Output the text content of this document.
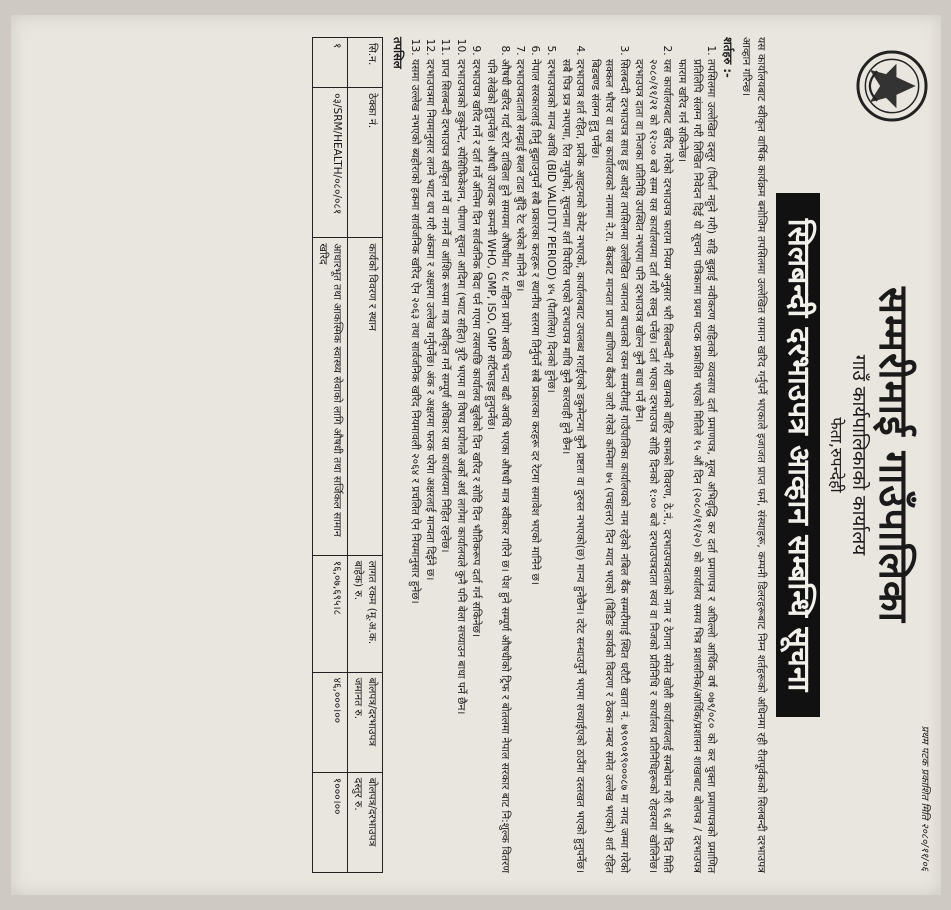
प्रथम पटक प्रकाशित मिति २०८०/११/०६
सम्मरीमाई गाउँपालिका
गाउँ कार्यपालिकाको कार्यालय
फेता,रुपन्देही
सिलबन्दी दरभाउपत्र आव्हान सम्बन्धि सूचना

यस कार्यालयबाट स्वीकृत वार्षिक कार्यक्रम बमोजिम तपसिलमा उल्लेखित सामान खरिद गर्नुपर्ने भएकाले इजाजत प्राप्त फर्म, संस्थाहरू, कम्पनी डिलरहरूबाट निम्न शर्तहरूको अधिनमा रही रीतपूर्वकको सिलबन्दी दरभाउपत्र आव्हान गरिन्छ।

शर्तहरु :-
1. तपसिलमा उल्लेखित दस्तुर (फिर्ता नहुने गरी) सहि बुझाई नवीकरण सहितको व्यवसाय दर्ता प्रमाणपत्र, मूल्य अभिवृद्धि कर दर्ता प्रमाणपत्र र अघिल्लो आर्थिक वर्ष ०७९/०८० को कर चुक्ता प्रमाणपत्रको प्रमाणित प्रतिलिपि संलग्न गरी लिखित निवेदन दिई यो सूचना पत्रिकामा प्रथम पटक प्रकाशित भएको मितिले १५ औं दिन (२०८०/११/२०) को कार्यालय समय भित्र प्रशासनिक/आर्थिक/प्रशासन शाखाबाट बोलपत्र / दरभाउपत्र फाराम खरिद गर्न सकिनेछ।
2. यस कार्यालयबाट खरिद गरेको दरभाउपत्र फाराम नियम अनुसार भरी सिलबन्दी गरी खामको बाहिर कामको विवरण, ठे.नं., दरभाउपत्रदाताको नाम र ठेगाना समेत खोली कार्यालयलाई सम्बोधन गरी १६ औं दिन मिति २०८०/११/२१ को १२:०० बजे सम्म यस कार्यालयमा दर्ता गरी सक्नु पर्नेछ। दर्ता भएका दरभाउपत्र सोहि दिनको १:०० बजे दरभाउपत्रदाता स्वयं वा निजको प्रतिनिधि र कार्यालय प्रतिनिधिहरूको रोहवरमा खोलिनेछ। दरभाउपत्र दाता वा निजका प्रतिनिधि उपस्थित नभएमा पनि दरभाउपत्र खोल्न कुनै बाधा पर्ने छैन।
3. सिलबन्दी दरभाउपत्र साथ हुड आदेश तपसिलमा उल्लेखित जमानत बापतको रकम सम्मरीमाई गाउँपालिका कार्यालयको नाम रहेको नबिल बैंक सम्मरीमाई स्थित धरौटी खाता नं. ७९०९०१९०००८७ मा नगद जम्मा गरेको सक्कल भौचर वा यस कार्यालयको नाममा ने.रा. बैंकबाट मान्यता प्राप्त बाणिज्य बैंकले जारी गरेको कम्तिमा ७५ (पचहत्तर) दिन म्याद भएको (बिडिङ कार्यको विवरण र ठेक्का नम्बर समेत उल्लेख भएको) शर्त रहित बिडबण्ड संलग्न हुनु पर्नेछ।
4. दरभाउपत्र शर्त रहित, प्रत्येक आइटमको केमेट नभएको, कार्यालयबाट उपलब्ध गराईएको डकुमेन्टमा कुनै प्रष्टता वा दुरुस्त नभएको(छ) मान्य हुनेछैन। दरेट सन्धाउपुर्ने भएमा सच्याईएको ठाउँमा दस्तखत भएको हुनुपर्नेछ। सबै पित्र प्रत्र नभएमा, रित नपुगेको, सूचनामा शर्त विपरित भएको दरभाउपत्र माथि कुनै कारवाही हुने छैन।
5. दरभाउपत्रको मान्य अवधि (BID VALIDITY PERIOD) ४५ (पैतालिस) दिनको हुनेछ।
6. नेपाल सरकारलाई तिर्नु बुझाउनुपर्ने सबै प्रकारका करहरू र स्थानीय स्तरमा तिर्नुपर्ने सबै प्रकारका करहरू दर रेटमा समावेश भएको मानिने छ।
7. दरभाउपत्रदाताले सम्झाई स्थल टाढा बुँदि रेट भरेको मानिने छ।
8. औषधी खरिद गर्दा स्टोर दाखिला हुने समयमा औषधीमा १८ महिना प्रयोग अवधि भन्दा बढी अवधि भएका औषधी मात्र स्वीकार गरिने छ। पेश हुने सम्पूर्ण औषधीको ट्रिफ र बोतलमा नेपाल सरकार बाट नि:शुल्क वितरण पनि लेखेको हुनुपर्नेछ। औषधी उत्पादक कम्पनी WHO, GMP, ISO, GMP सर्टिफाइड हुनुपर्नेछ।
9. दरभाउपत्र खरिद गर्ने र दर्ता गर्ने अन्तिम दिन सार्वजनिक बिदा पर्न गएमा त्यसपछि कार्यालय खुलेको दिन खरिद र सोहि दिन भौतिकरूप दर्ता गर्न सकिनेछ।
10. दरभाउपत्रको डकुमेन्ट, स्पेसिफिकेशन, पीमाण सूचना आदिमा (भ्याट सहित) त्रुटि भएमा वा विषय प्रयोगले अर्को अर्थ लागेमा कार्यालयले कुनै पनि बेला सच्याउन बाधा पर्ने छैन।
11. प्राप्त सिलबन्दी दरभाउपत्र स्वीकृत गर्ने वा नगर्ने वा आंशिक रूपमा मात्र स्वीकृत गर्ने सम्पूर्ण अधिकार यस कार्यालयमा निहित रहनेछ।
12. दरभाउपत्रमा नियमानुसार लाग्ने भ्याट थप गरी अंकमा र अक्षरमा उल्लेख गर्नुपर्नेछ। अंक र अक्षरमा फरक परेमा अक्षरलाई मान्यता दिईने छ।
13. यसमा उल्लेख नभएको ब्यहोराको हकमा सार्वजनिक खरिद ऐन २०६३ तथा सार्वजनिक खरिद नियमावली २०६४ र प्रचलित ऐन नियमानुसार हुनेछ।
तपसिल
सि.न.	ठेक्का नं.	कार्यको विवरण र स्थान	लागत रकम (मू.अ.क. बाहेक) रु.	बोलपत्र/दरभाउपत्र जमानत रु.	बोलपत्र/दरभाउपत्र दस्तुर रु.
१	०३/SRM/HEALTH/०८०/०८१	आधारभूत तथा आकस्मिक स्वास्थ्य सेवाको लागि औषधी तथा सर्जिकल सामान खरिद	१६,०७,६९५।८	४६,०००।००	१०००।००
